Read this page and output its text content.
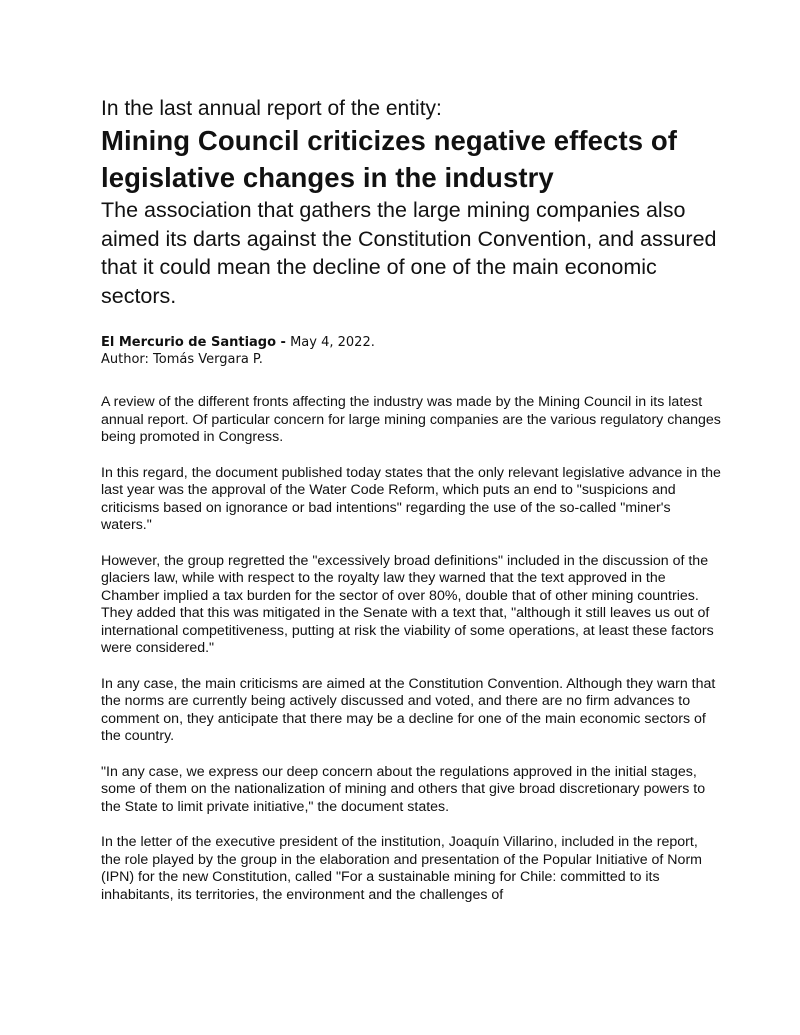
In the last annual report of the entity:

Mining Council criticizes negative effects of legislative changes in the industry
The association that gathers the large mining companies also aimed its darts against the Constitution Convention, and assured that it could mean the decline of one of the main economic sectors.
El Mercurio de Santiago - May 4, 2022.
Author: Tomás Vergara P.

A review of the different fronts affecting the industry was made by the Mining Council in its latest annual report. Of particular concern for large mining companies are the various regulatory changes being promoted in Congress.

In this regard, the document published today states that the only relevant legislative advance in the last year was the approval of the Water Code Reform, which puts an end to "suspicions and criticisms based on ignorance or bad intentions" regarding the use of the so-called "miner's waters."

However, the group regretted the "excessively broad definitions" included in the discussion of the glaciers law, while with respect to the royalty law they warned that the text approved in the Chamber implied a tax burden for the sector of over 80%, double that of other mining countries. They added that this was mitigated in the Senate with a text that, "although it still leaves us out of international competitiveness, putting at risk the viability of some operations, at least these factors were considered."

In any case, the main criticisms are aimed at the Constitution Convention. Although they warn that the norms are currently being actively discussed and voted, and there are no firm advances to comment on, they anticipate that there may be a decline for one of the main economic sectors of the country.

"In any case, we express our deep concern about the regulations approved in the initial stages, some of them on the nationalization of mining and others that give broad discretionary powers to the State to limit private initiative," the document states.

In the letter of the executive president of the institution, Joaquín Villarino, included in the report, the role played by the group in the elaboration and presentation of the Popular Initiative of Norm (IPN) for the new Constitution, called "For a sustainable mining for Chile: committed to its inhabitants, its territories, the environment and the challenges of
